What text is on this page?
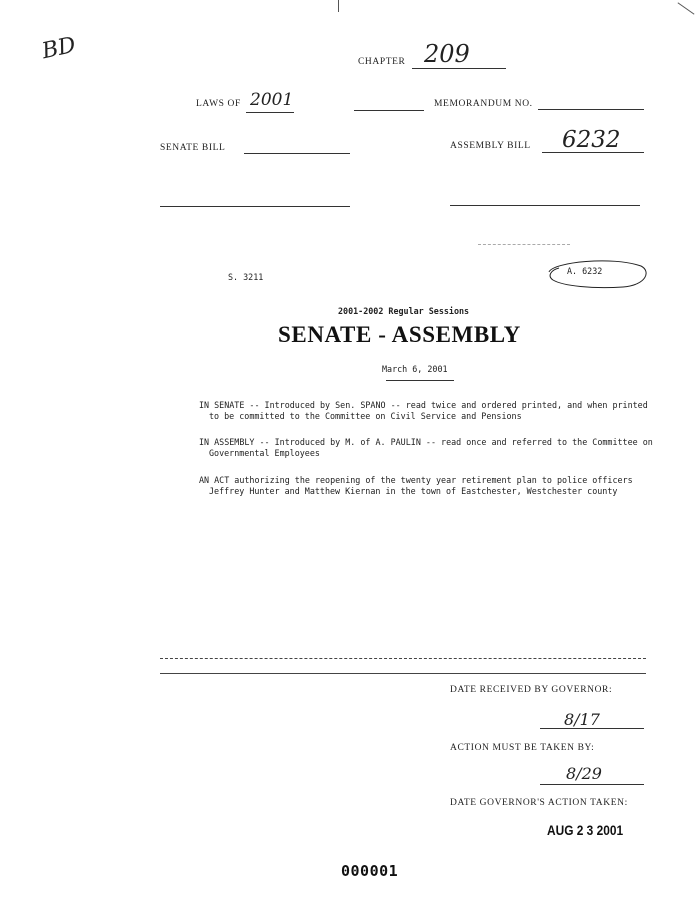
BD	CHAPTER 209
LAWS OF 2001	MEMORANDUM NO.
SENATE BILL	ASSEMBLY BILL 6232
S. 3211
A. 6232
2001-2002 Regular Sessions
SENATE - ASSEMBLY
March 6, 2001
IN SENATE -- Introduced by Sen. SPANO -- read twice and ordered printed, and when printed to be committed to the Committee on Civil Service and Pensions
IN ASSEMBLY -- Introduced by M. of A. PAULIN -- read once and referred to the Committee on Governmental Employees
AN ACT authorizing the reopening of the twenty year retirement plan to police officers Jeffrey Hunter and Matthew Kiernan in the town of Eastchester, Westchester county
DATE RECEIVED BY GOVERNOR:
8/17
ACTION MUST BE TAKEN BY:
8/29
DATE GOVERNOR'S ACTION TAKEN:
AUG 2 3 2001
000001
